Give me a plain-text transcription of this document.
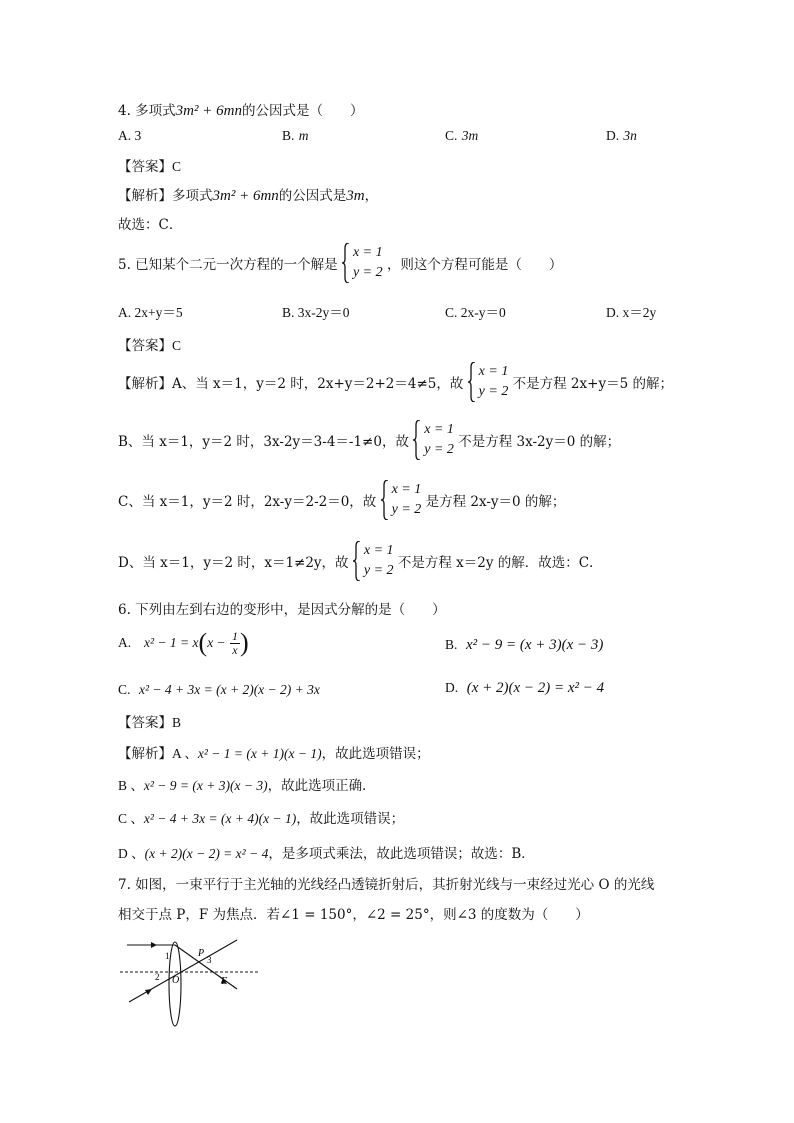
4. 多项式3m² + 6mn的公因式是（　　）
A. 3	B. m	C. 3m	D. 3n
【答案】C
【解析】多项式3m² + 6mn的公因式是3m，
故选：C．
5. 已知某个二元一次方程的一个解是
x = 1
y = 2 ，则这个方程可能是（　　）
A. 2x+y＝5	B. 3x-2y＝0	C. 2x-y＝0	D. x＝2y
【答案】C
【解析】A、当 x＝1，y＝2 时，2x+y＝2+2＝4≠5，故
x = 1
y = 2 不是方程 2x+y＝5 的解；
B、当 x＝1，y＝2 时，3x-2y＝3-4＝-1≠0，故
x = 1
y = 2 不是方程 3x-2y＝0 的解；
C、当 x＝1，y＝2 时，2x-y＝2-2＝0，故
x = 1
y = 2 是方程 2x-y＝0 的解；
D、当 x＝1，y＝2 时，x＝1≠2y，故
x = 1
y = 2 不是方程 x＝2y 的解．故选：C．
6. 下列由左到右边的变形中，是因式分解的是（　　）
A. $x^2 - 1 = x(x - \frac{1}{x}$ )	B. x² − 9 = (x + 3)(x − 3)
C. x² − 4 + 3x = (x + 2)(x − 2) + 3x	D. (x + 2)(x − 2) = x² − 4
【答案】B
【解析】A 、x² − 1 = (x + 1)(x − 1)，故此选项错误；
B 、x² − 9 = (x + 3)(x − 3)，故此选项正确．
C 、x² − 4 + 3x = (x + 4)(x − 1)，故此选项错误；
D 、(x + 2)(x − 2) = x² − 4，是多项式乘法，故此选项错误；故选：B．
7. 如图，一束平行于主光轴的光线经凸透镜折射后，其折射光线与一束经过光心 O 的光线
相交于点 P，F 为焦点．若∠1 = 150°，∠2 = 25°，则∠3 的度数为（　　）
P
O	F
1
2
3
